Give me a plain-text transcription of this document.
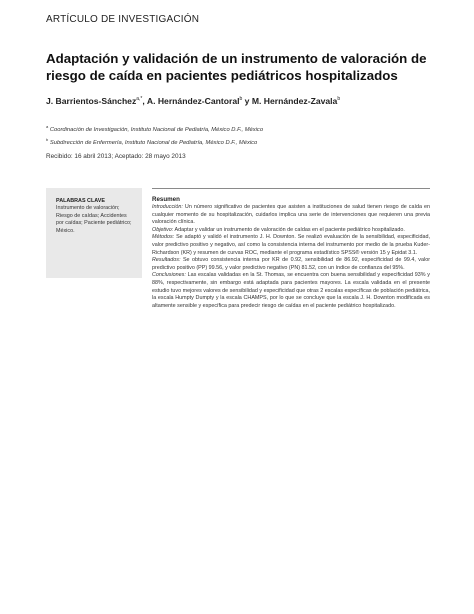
ARTÍCULO DE INVESTIGACIÓN
Adaptación y validación de un instrumento de valoración de riesgo de caída en pacientes pediátricos hospitalizados
J. Barrientos-Sánchez$^{a,*}$, A. Hernández-Cantoral$^b$ y M. Hernández-Zavala$^b$
$^a$ Coordinación de Investigación, Instituto Nacional de Pediatría, México D.F., México
$^b$ Subdirección de Enfermería, Instituto Nacional de Pediatría, México D.F., México
Recibido: 16 abril 2013; Aceptado: 28 mayo 2013
PALABRAS CLAVE
Instrumento de valoración; Riesgo de caídas; Accidentes por caídas; Paciente pediátrico; México.
Resumen

Introducción: Un número significativo de pacientes que asisten a instituciones de salud tienen riesgo de caída en cualquier momento de su hospitalización, cuidarlos implica una serie de intervenciones que requieren una previa valoración clínica.

Objetivo: Adaptar y validar un instrumento de valoración de caídas en el paciente pediátrico hospitalizado.

Métodos: Se adaptó y validó el instrumento J. H. Downton. Se realizó evaluación de la sensibilidad, especificidad, valor predictivo positivo y negativo, así como la consistencia interna del instrumento por medio de la prueba Kuder-Richardson (KR) y resumen de curvas ROC, mediante el programa estadístico SPSS® versión 15 y Epidat 3.1.

Resultados: Se obtuvo consistencia interna por KR de 0.92, sensibilidad de 86.92, especificidad de 99.4, valor predictivo positivo (PP) 99.56, y valor predictivo negativo (PN) 81.52, con un índice de confianza del 95%.

Conclusiones: Las escalas validadas en la St. Thomas, se encuentra con buena sensibilidad y especificidad 93% y 88%, respectivamente, sin embargo está adaptada para pacientes mayores. La escala validada en el presente estudio tuvo mejores valores de sensibilidad y especificidad que otras 2 escalas específicas de población pediátrica, la escala Humpty Dumpty y la escala CHAMPS, por lo que se concluye que la escala J. H. Downton modificada es altamente sensible y específica para predecir riesgo de caídas en el paciente pediátrico hospitalizado.
